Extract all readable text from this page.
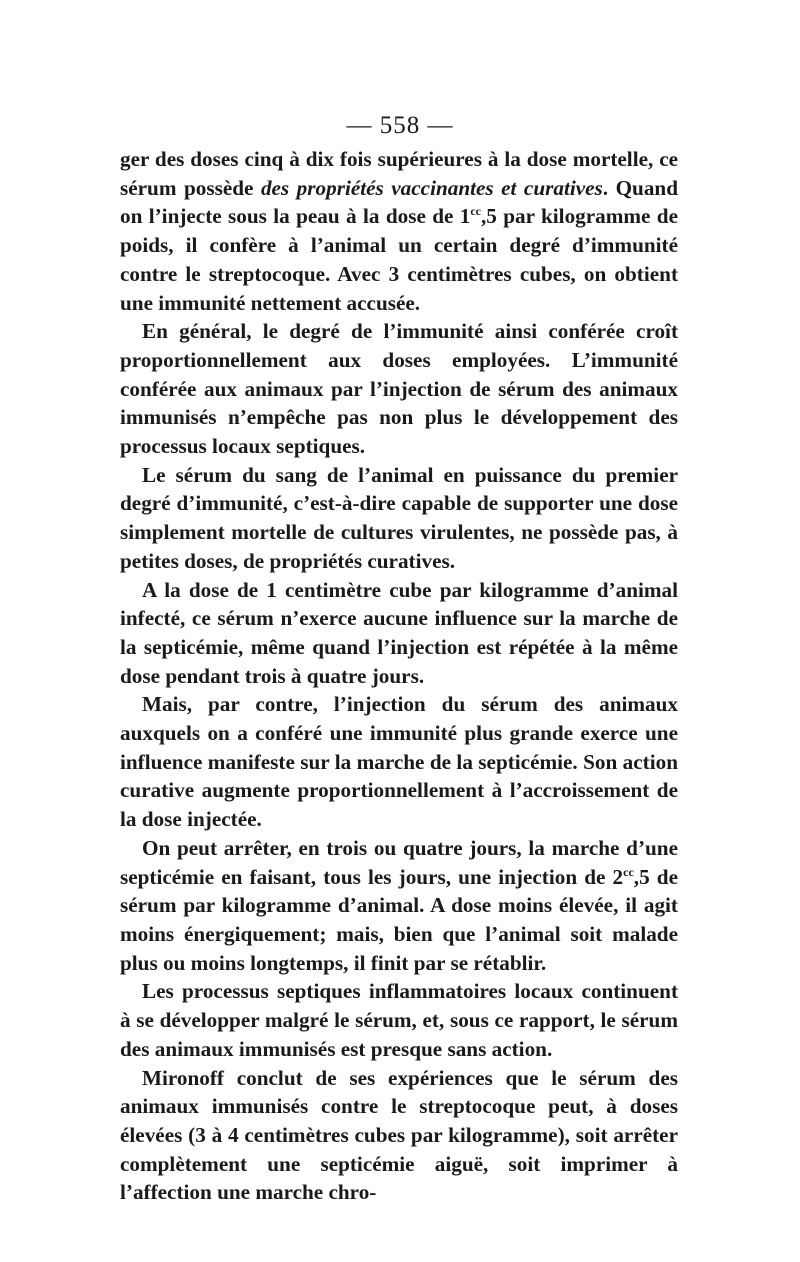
— 558 —

ger des doses cinq à dix fois supérieures à la dose mortelle, ce sérum possède des propriétés vaccinantes et curatives. Quand on l’injecte sous la peau à la dose de $1^{cc},5$ par kilogramme de poids, il confère à l’animal un certain degré d’immunité contre le streptocoque. Avec 3 centimètres cubes, on obtient une immunité nettement accusée.

En général, le degré de l’immunité ainsi conférée croît proportionnellement aux doses employées. L’immunité conférée aux animaux par l’injection de sérum des animaux immunisés n’empêche pas non plus le développement des processus locaux septiques.

Le sérum du sang de l’animal en puissance du premier degré d’immunité, c’est-à-dire capable de supporter une dose simplement mortelle de cultures virulentes, ne possède pas, à petites doses, de propriétés curatives.

A la dose de 1 centimètre cube par kilogramme d’animal infecté, ce sérum n’exerce aucune influence sur la marche de la septicémie, même quand l’injection est répétée à la même dose pendant trois à quatre jours.

Mais, par contre, l’injection du sérum des animaux auxquels on a conféré une immunité plus grande exerce une influence manifeste sur la marche de la septicémie. Son action curative augmente proportionnellement à l’accroissement de la dose injectée.

On peut arrêter, en trois ou quatre jours, la marche d’une septicémie en faisant, tous les jours, une injection de $2^{cc},5$ de sérum par kilogramme d’animal. A dose moins élevée, il agit moins énergiquement; mais, bien que l’animal soit malade plus ou moins longtemps, il finit par se rétablir.

Les processus septiques inflammatoires locaux continuent à se développer malgré le sérum, et, sous ce rapport, le sérum des animaux immunisés est presque sans action.

Mironoff conclut de ses expériences que le sérum des animaux immunisés contre le streptocoque peut, à doses élevées (3 à 4 centimètres cubes par kilogramme), soit arrêter complètement une septicémie aiguë, soit imprimer à l’affection une marche chro-
